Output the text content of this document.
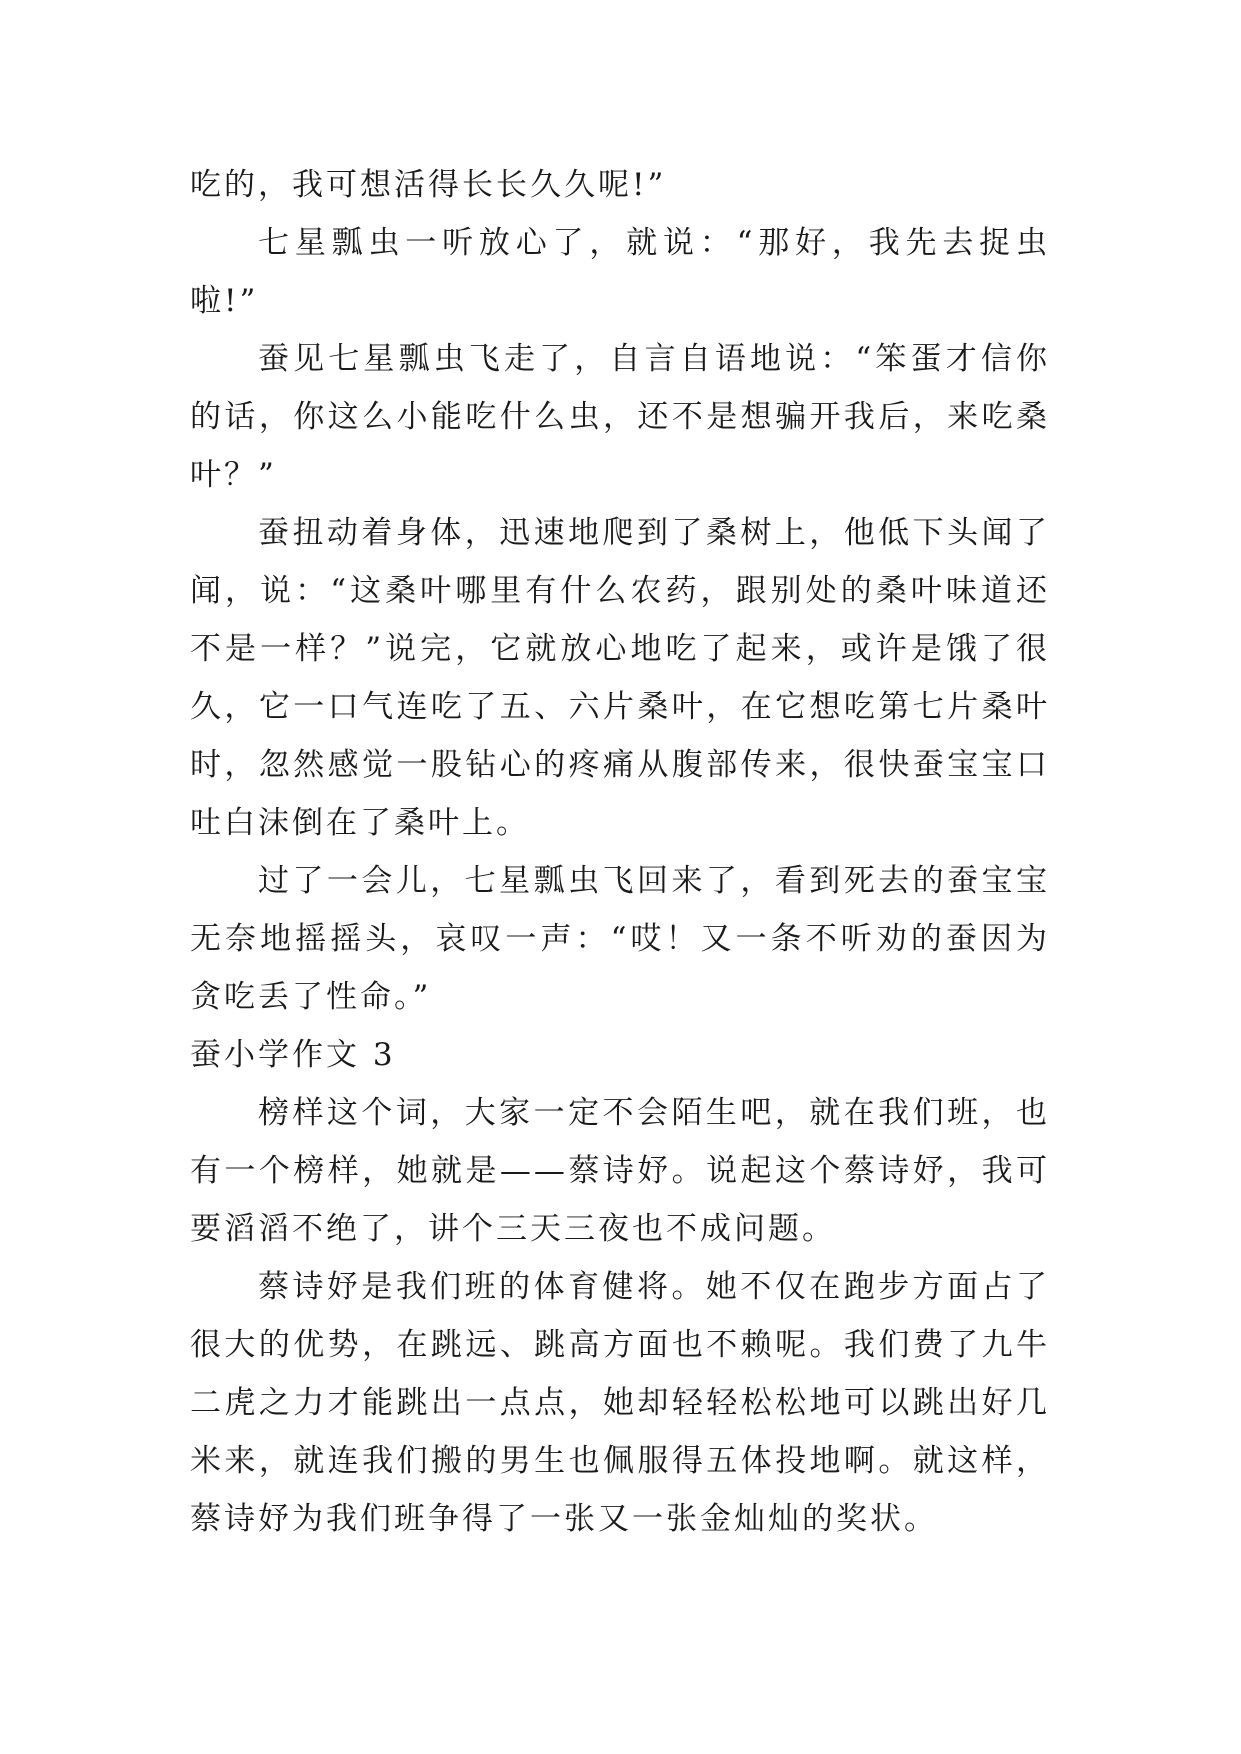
吃的，我可想活得长长久久呢!”

七星瓢虫一听放心了，就说：“那好，我先去捉虫啦!”

蚕见七星瓢虫飞走了，自言自语地说：“笨蛋才信你的话，你这么小能吃什么虫，还不是想骗开我后，来吃桑叶？”

蚕扭动着身体，迅速地爬到了桑树上，他低下头闻了闻，说：“这桑叶哪里有什么农药，跟别处的桑叶味道还不是一样？”说完，它就放心地吃了起来，或许是饿了很久，它一口气连吃了五、六片桑叶，在它想吃第七片桑叶时，忽然感觉一股钻心的疼痛从腹部传来，很快蚕宝宝口吐白沫倒在了桑叶上。

过了一会儿，七星瓢虫飞回来了，看到死去的蚕宝宝无奈地摇摇头，哀叹一声：“哎！又一条不听劝的蚕因为贪吃丢了性命。”

蚕小学作文 3

榜样这个词，大家一定不会陌生吧，就在我们班，也有一个榜样，她就是——蔡诗妤。说起这个蔡诗妤，我可要滔滔不绝了，讲个三天三夜也不成问题。

蔡诗妤是我们班的体育健将。她不仅在跑步方面占了很大的优势，在跳远、跳高方面也不赖呢。我们费了九牛二虎之力才能跳出一点点，她却轻轻松松地可以跳出好几米来，就连我们搬的男生也佩服得五体投地啊。就这样，蔡诗妤为我们班争得了一张又一张金灿灿的奖状。
